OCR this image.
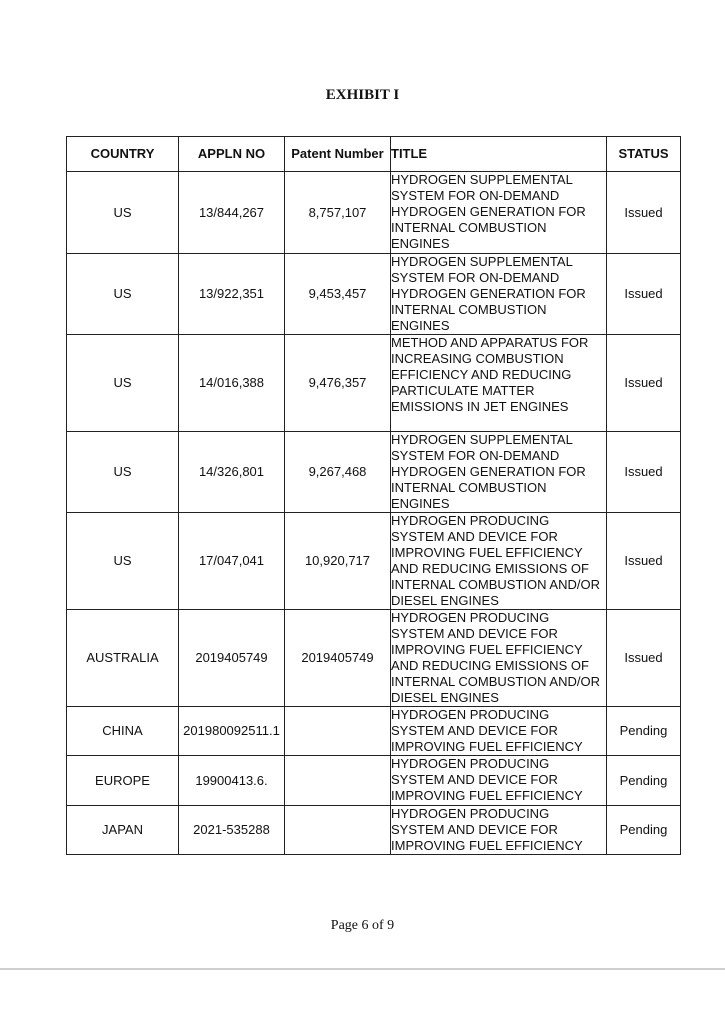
EXHIBIT I
COUNTRY	APPLN NO	Patent Number	TITLE	STATUS
US	13/844,267	8,757,107	HYDROGEN SUPPLEMENTAL SYSTEM FOR ON-DEMAND HYDROGEN GENERATION FOR INTERNAL COMBUSTION ENGINES	Issued
US	13/922,351	9,453,457	HYDROGEN SUPPLEMENTAL SYSTEM FOR ON-DEMAND HYDROGEN GENERATION FOR INTERNAL COMBUSTION ENGINES	Issued
US	14/016,388	9,476,357	METHOD AND APPARATUS FOR INCREASING COMBUSTION EFFICIENCY AND REDUCING PARTICULATE MATTER EMISSIONS IN JET ENGINES	Issued
US	14/326,801	9,267,468	HYDROGEN SUPPLEMENTAL SYSTEM FOR ON-DEMAND HYDROGEN GENERATION FOR INTERNAL COMBUSTION ENGINES	Issued
US	17/047,041	10,920,717	HYDROGEN PRODUCING SYSTEM AND DEVICE FOR IMPROVING FUEL EFFICIENCY AND REDUCING EMISSIONS OF INTERNAL COMBUSTION AND/OR DIESEL ENGINES	Issued
AUSTRALIA	2019405749	2019405749	HYDROGEN PRODUCING SYSTEM AND DEVICE FOR IMPROVING FUEL EFFICIENCY AND REDUCING EMISSIONS OF INTERNAL COMBUSTION AND/OR DIESEL ENGINES	Issued
CHINA	201980092511.1		HYDROGEN PRODUCING SYSTEM AND DEVICE FOR IMPROVING FUEL EFFICIENCY	Pending
EUROPE	19900413.6.		HYDROGEN PRODUCING SYSTEM AND DEVICE FOR IMPROVING FUEL EFFICIENCY	Pending
JAPAN	2021-535288		HYDROGEN PRODUCING SYSTEM AND DEVICE FOR IMPROVING FUEL EFFICIENCY	Pending
Page 6 of 9
